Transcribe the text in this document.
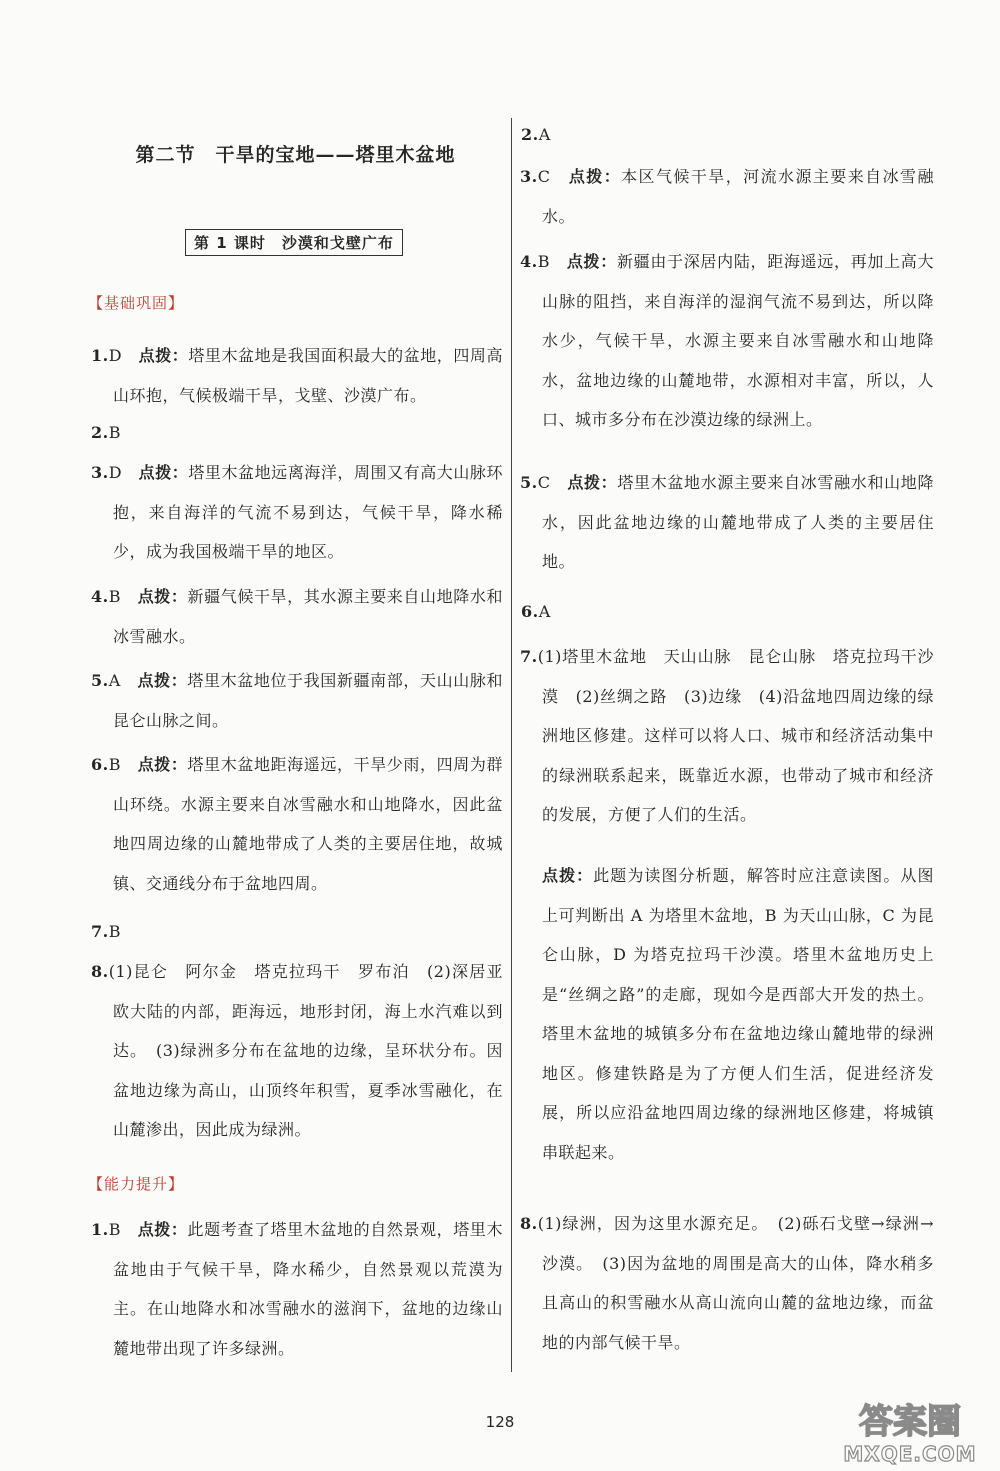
第二节　干旱的宝地——塔里木盆地
第 1 课时　沙漠和戈壁广布
【基础巩固】
1.D　 点拨：塔里木盆地是我国面积最大的盆地，四周高山环抱，气候极端干旱，戈壁、沙漠广布。
2.B
3.D　 点拨：塔里木盆地远离海洋，周围又有高大山脉环抱，来自海洋的气流不易到达，气候干旱，降水稀少，成为我国极端干旱的地区。
4.B　 点拨：新疆气候干旱，其水源主要来自山地降水和冰雪融水。
5.A　 点拨：塔里木盆地位于我国新疆南部，天山山脉和昆仑山脉之间。
6.B　 点拨：塔里木盆地距海遥远，干旱少雨，四周为群山环绕。水源主要来自冰雪融水和山地降水，因此盆地四周边缘的山麓地带成了人类的主要居住地，故城镇、交通线分布于盆地四周。
7.B
8.(1)昆仑　阿尔金　塔克拉玛干　罗布泊　(2)深居亚欧大陆的内部，距海远，地形封闭，海上水汽难以到达。　(3)绿洲多分布在盆地的边缘，呈环状分布。因盆地边缘为高山，山顶终年积雪，夏季冰雪融化，在山麓渗出，因此成为绿洲。
【能力提升】
1.B　 点拨：此题考查了塔里木盆地的自然景观，塔里木盆地由于气候干旱，降水稀少，自然景观以荒漠为主。在山地降水和冰雪融水的滋润下，盆地的边缘山麓地带出现了许多绿洲。
2.A
3.C　 点拨：本区气候干旱，河流水源主要来自冰雪融水。
4.B　 点拨：新疆由于深居内陆，距海遥远，再加上高大山脉的阻挡，来自海洋的湿润气流不易到达，所以降水少，气候干旱，水源主要来自冰雪融水和山地降水，盆地边缘的山麓地带，水源相对丰富，所以，人口、城市多分布在沙漠边缘的绿洲上。
5.C　 点拨：塔里木盆地水源主要来自冰雪融水和山地降水，因此盆地边缘的山麓地带成了人类的主要居住地。
6.A
7.(1)塔里木盆地　天山山脉　昆仑山脉　塔克拉玛干沙漠　(2)丝绸之路　(3)边缘　(4)沿盆地四周边缘的绿洲地区修建。这样可以将人口、城市和经济活动集中的绿洲联系起来，既靠近水源，也带动了城市和经济的发展，方便了人们的生活。
点拨：此题为读图分析题，解答时应注意读图。从图上可判断出 A 为塔里木盆地，B 为天山山脉，C 为昆仑山脉，D 为塔克拉玛干沙漠。塔里木盆地历史上是“丝绸之路”的走廊，现如今是西部大开发的热土。塔里木盆地的城镇多分布在盆地边缘山麓地带的绿洲地区。修建铁路是为了方便人们生活，促进经济发展，所以应沿盆地四周边缘的绿洲地区修建，将城镇串联起来。
8.(1)绿洲，因为这里水源充足。　(2)砾石戈壁→绿洲→沙漠。　(3)因为盆地的周围是高大的山体，降水稍多且高山的积雪融水从高山流向山麓的盆地边缘，而盆地的内部气候干旱。
128	答案圈
MXQE.COM
